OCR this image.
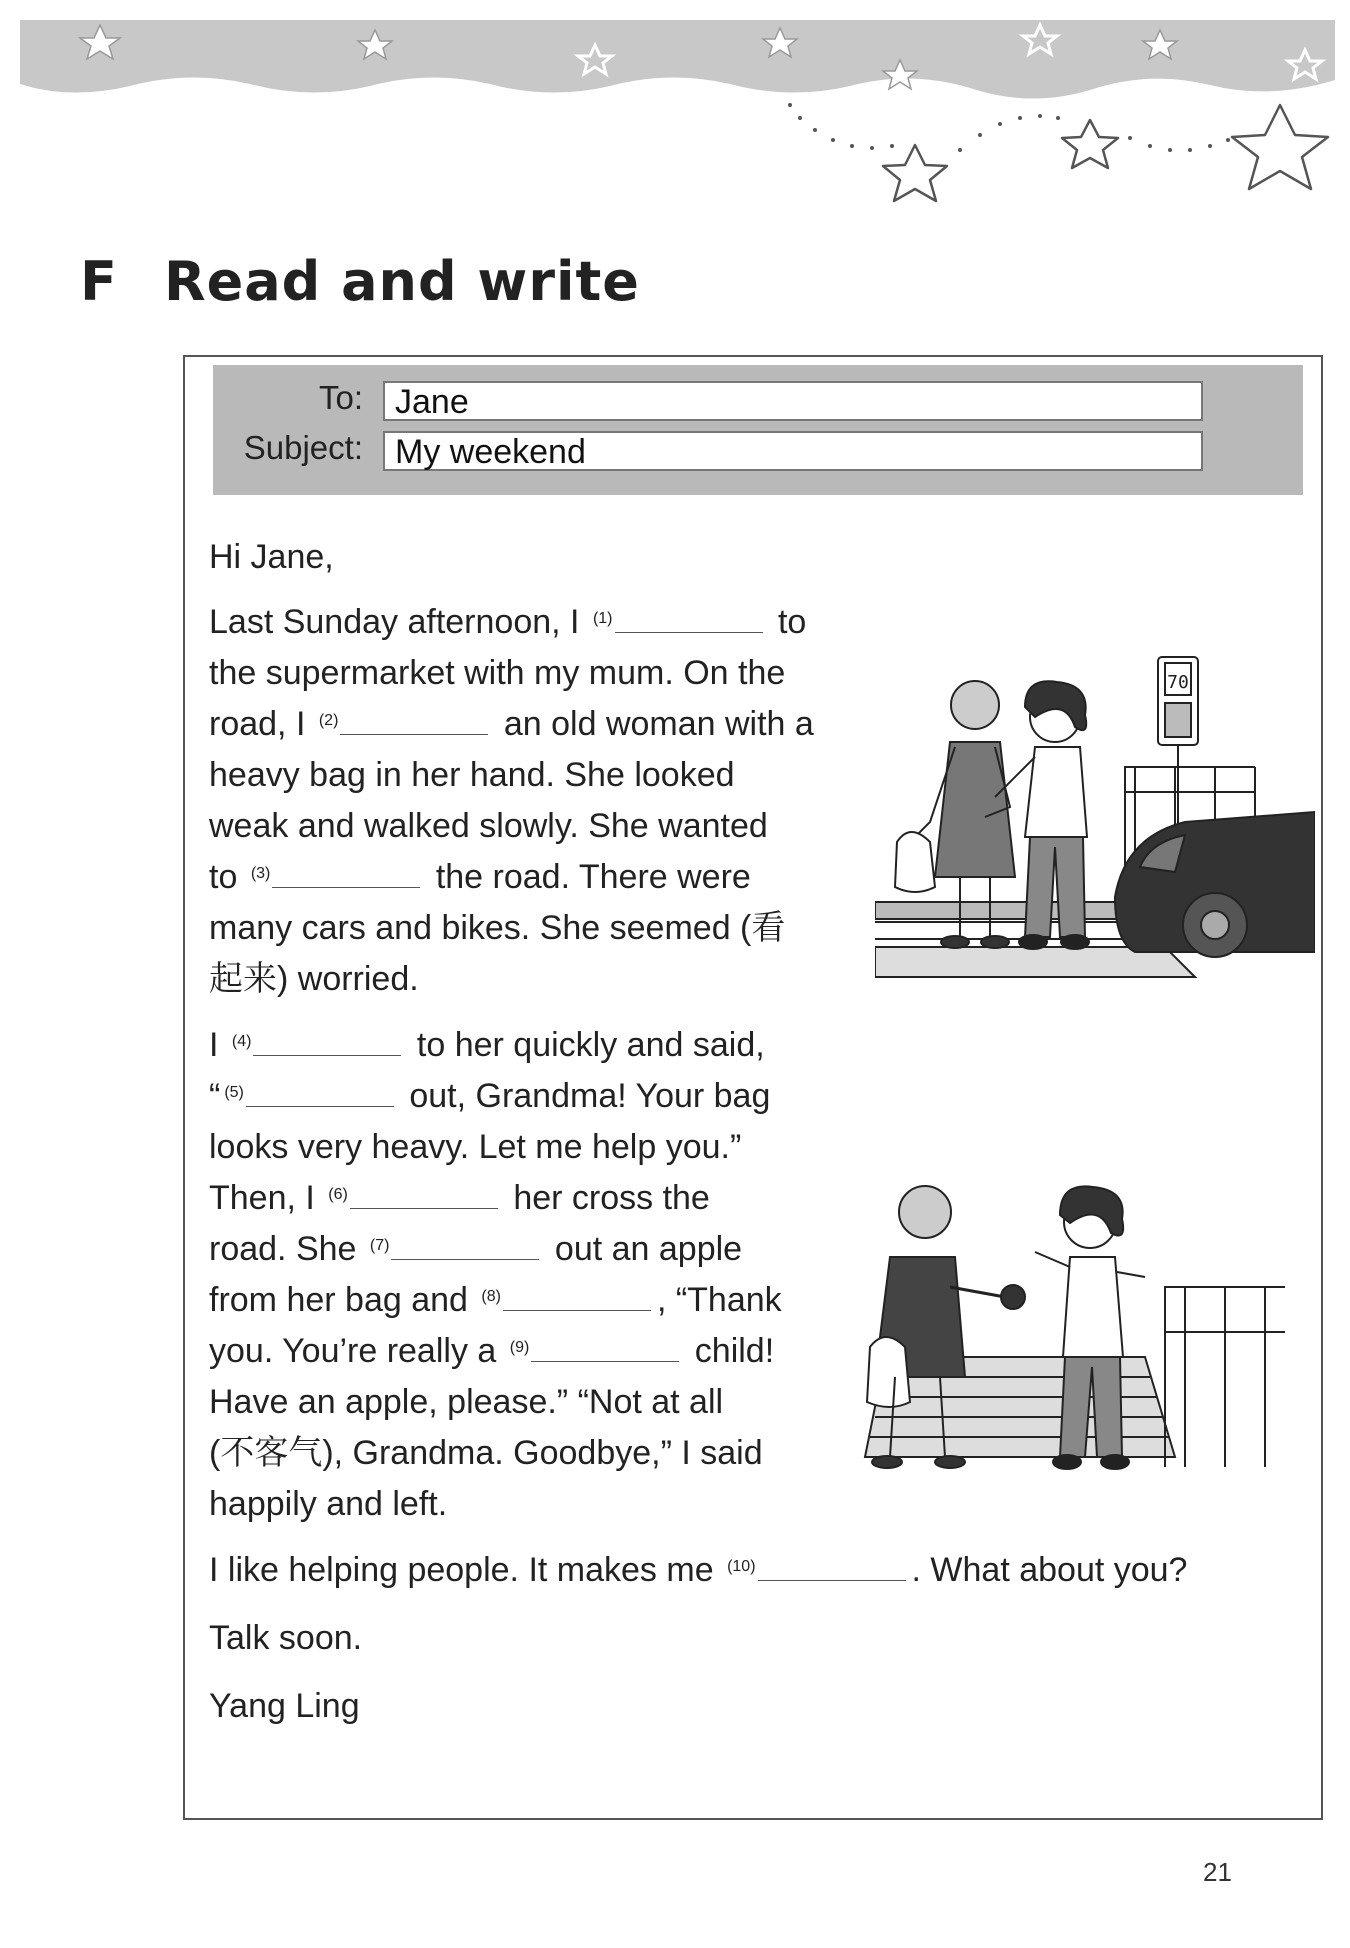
F Read and write
To: Jane
Subject: My weekend
Hi Jane,
Last Sunday afternoon, I $^{(1)}$	to
the supermarket with my mum. On the
road, I $^{(2)}$	an old woman with a
heavy bag in her hand. She looked
weak and walked slowly. She wanted
to $^{(3)}$	the road. There were
many cars and bikes. She seemed (看
起来) worried.
I $^{(4)}$	to her quickly and said,
“ $^{(5)}$	out, Grandma! Your bag
looks very heavy. Let me help you.”
Then, I $^{(6)}$	her cross the
road. She $^{(7)}$	out an apple
from her bag and $^{(8)}$	, “Thank
you. You’re really a $^{(9)}$	child!
Have an apple, please.” “Not at all
(不客气), Grandma. Goodbye,” I said
happily and left.
I like helping people. It makes me $^{(10)}$	. What about you?
Talk soon.
Yang Ling
70
21
